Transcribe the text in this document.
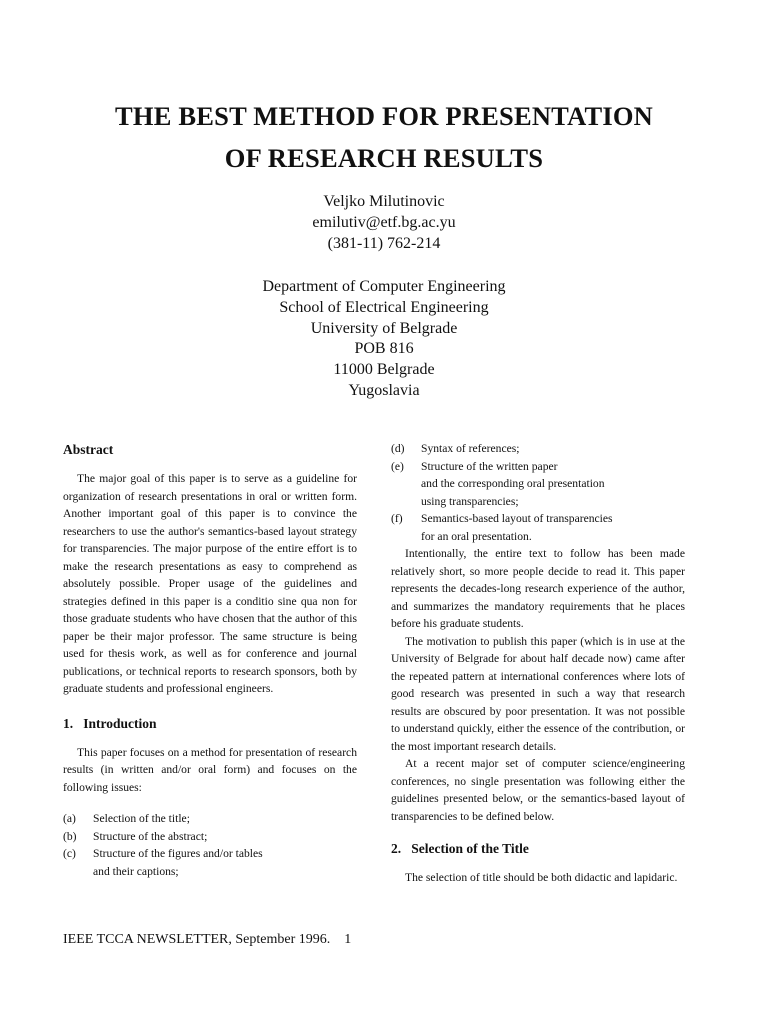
THE BEST METHOD FOR PRESENTATION
OF RESEARCH RESULTS
Veljko Milutinovic
emilutiv@etf.bg.ac.yu
(381-11) 762-214
Department of Computer Engineering
School of Electrical Engineering
University of Belgrade
POB 816
11000 Belgrade
Yugoslavia
Abstract

The major goal of this paper is to serve as a guideline for organization of research presentations in oral or written form. Another important goal of this paper is to convince the researchers to use the author's semantics-based layout strategy for transparencies. The major purpose of the entire effort is to make the research presentations as easy to comprehend as absolutely possible. Proper usage of the guidelines and strategies defined in this paper is a conditio sine qua non for those graduate students who have chosen that the author of this paper be their major professor. The same structure is being used for thesis work, as well as for conference and journal publications, or technical reports to research sponsors, both by graduate students and professional engineers.

1.   Introduction

This paper focuses on a method for presentation of research results (in written and/or oral form) and focuses on the following issues:

(a)	Selection of the title;
(b)	Structure of the abstract;
(c)	Structure of the figures and/or tables
and their captions;
(d)	Syntax of references;
(e)	Structure of the written paper
and the corresponding oral presentation
using transparencies;
(f)	Semantics-based layout of transparencies
for an oral presentation.

Intentionally, the entire text to follow has been made relatively short, so more people decide to read it. This paper represents the decades-long research experience of the author, and summarizes the mandatory requirements that he places before his graduate students.

The motivation to publish this paper (which is in use at the University of Belgrade for about half decade now) came after the repeated pattern at international conferences where lots of good research was presented in such a way that research results are obscured by poor presentation. It was not possible to understand quickly, either the essence of the contribution, or the most important research details.

At a recent major set of computer science/engineering conferences, no single presentation was following either the guidelines presented below, or the semantics-based layout of transparencies to be defined below.

2.   Selection of the Title

The selection of title should be both didactic and lapidaric.

IEEE TCCA NEWSLETTER, September 1996. 1
